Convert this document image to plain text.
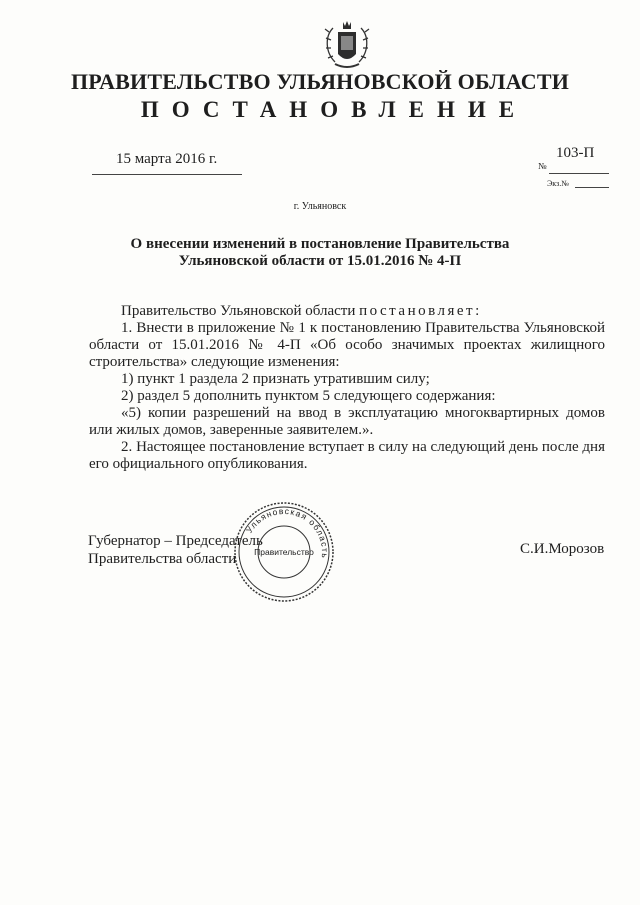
ПРАВИТЕЛЬСТВО УЛЬЯНОВСКОЙ ОБЛАСТИ
ПОСТАНОВЛЕНИЕ
15 марта 2016 г.	№
103-П
Экз.№
г. Ульяновск
О внесении изменений в постановление Правительства Ульяновской области от 15.01.2016 № 4-П
Правительство Ульяновской области постановляет:
1. Внести в приложение № 1 к постановлению Правительства Ульяновской области от 15.01.2016 № 4-П «Об особо значимых проектах жилищного строительства» следующие изменения:
1) пункт 1 раздела 2 признать утратившим силу;
2) раздел 5 дополнить пунктом 5 следующего содержания:
«5) копии разрешений на ввод в эксплуатацию многоквартирных домов или жилых домов, заверенные заявителем.».
2. Настоящее постановление вступает в силу на следующий день после дня его официального опубликования.
Губернатор – Председатель
Правительства области
С.И.Морозов
Ульяновская область
Правительство
